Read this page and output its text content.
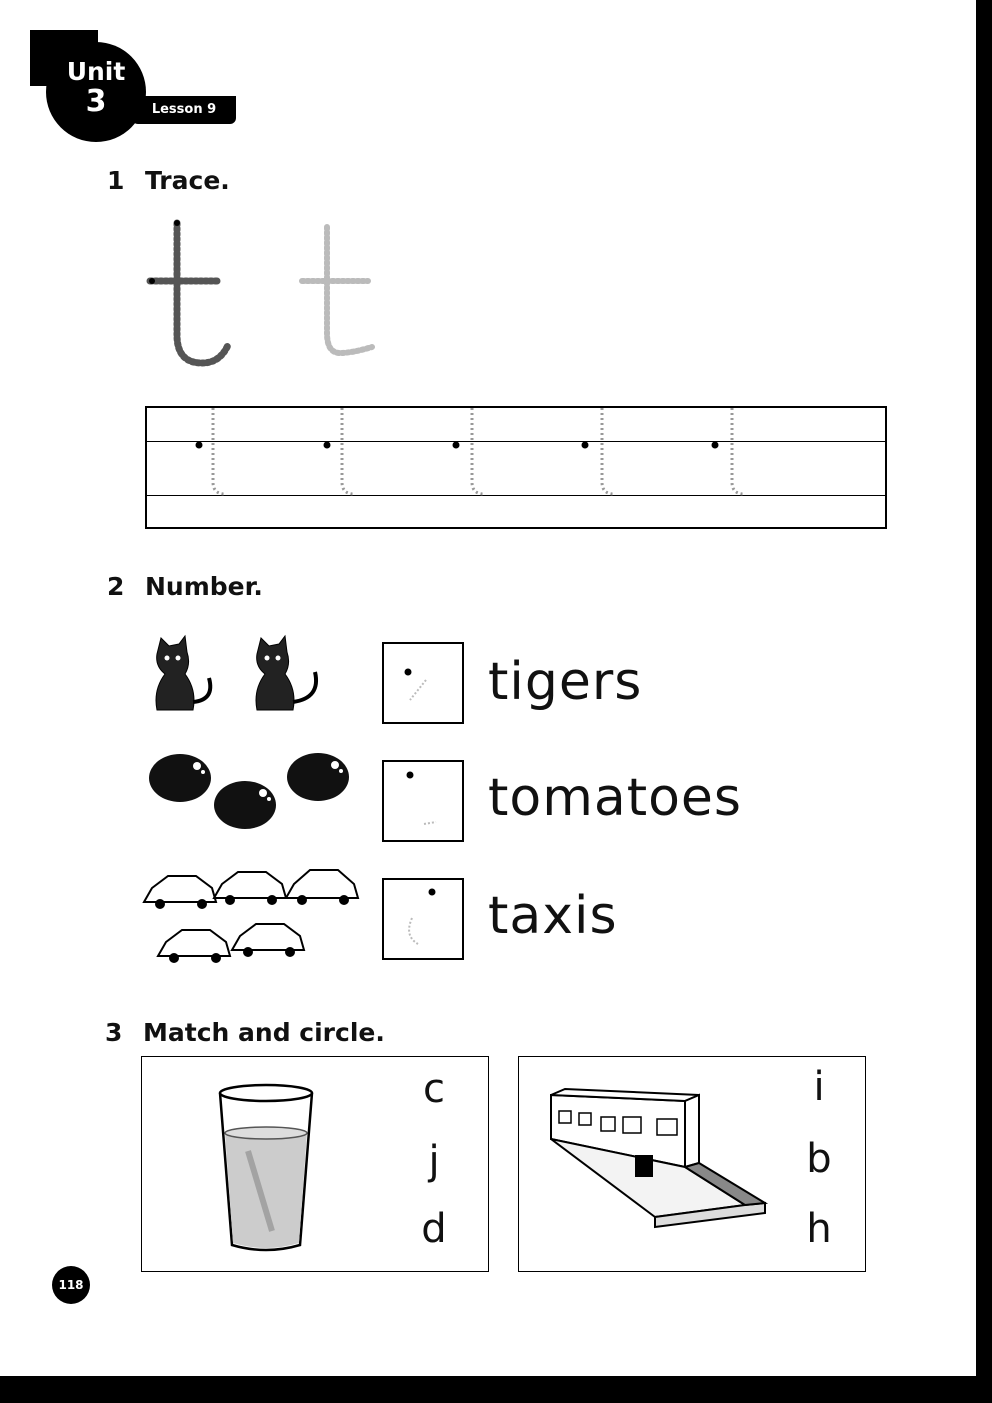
Unit
3	Lesson 9
1 Trace.
2 Number.
tigers
tomatoes
taxis
3 Match and circle.
c
j
d
i
b
h
118
